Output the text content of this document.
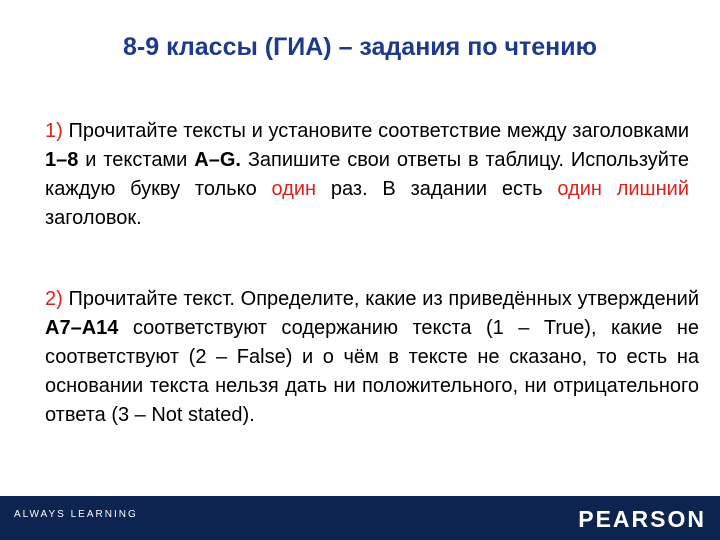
8-9 классы (ГИА) – задания по чтению
1) Прочитайте тексты и установите соответствие между заголовками 1–8 и текстами A–G. Запишите свои ответы в таблицу. Используйте каждую букву только один раз. В задании есть один лишний заголовок.
2) Прочитайте текст. Определите, какие из приведённых утверждений A7–A14 соответствуют содержанию текста (1 – True), какие не соответствуют (2 – False) и о чём в тексте не сказано, то есть на основании текста нельзя дать ни положительного, ни отрицательного ответа (3 – Not stated).
ALWAYS LEARNING	PEARSON
